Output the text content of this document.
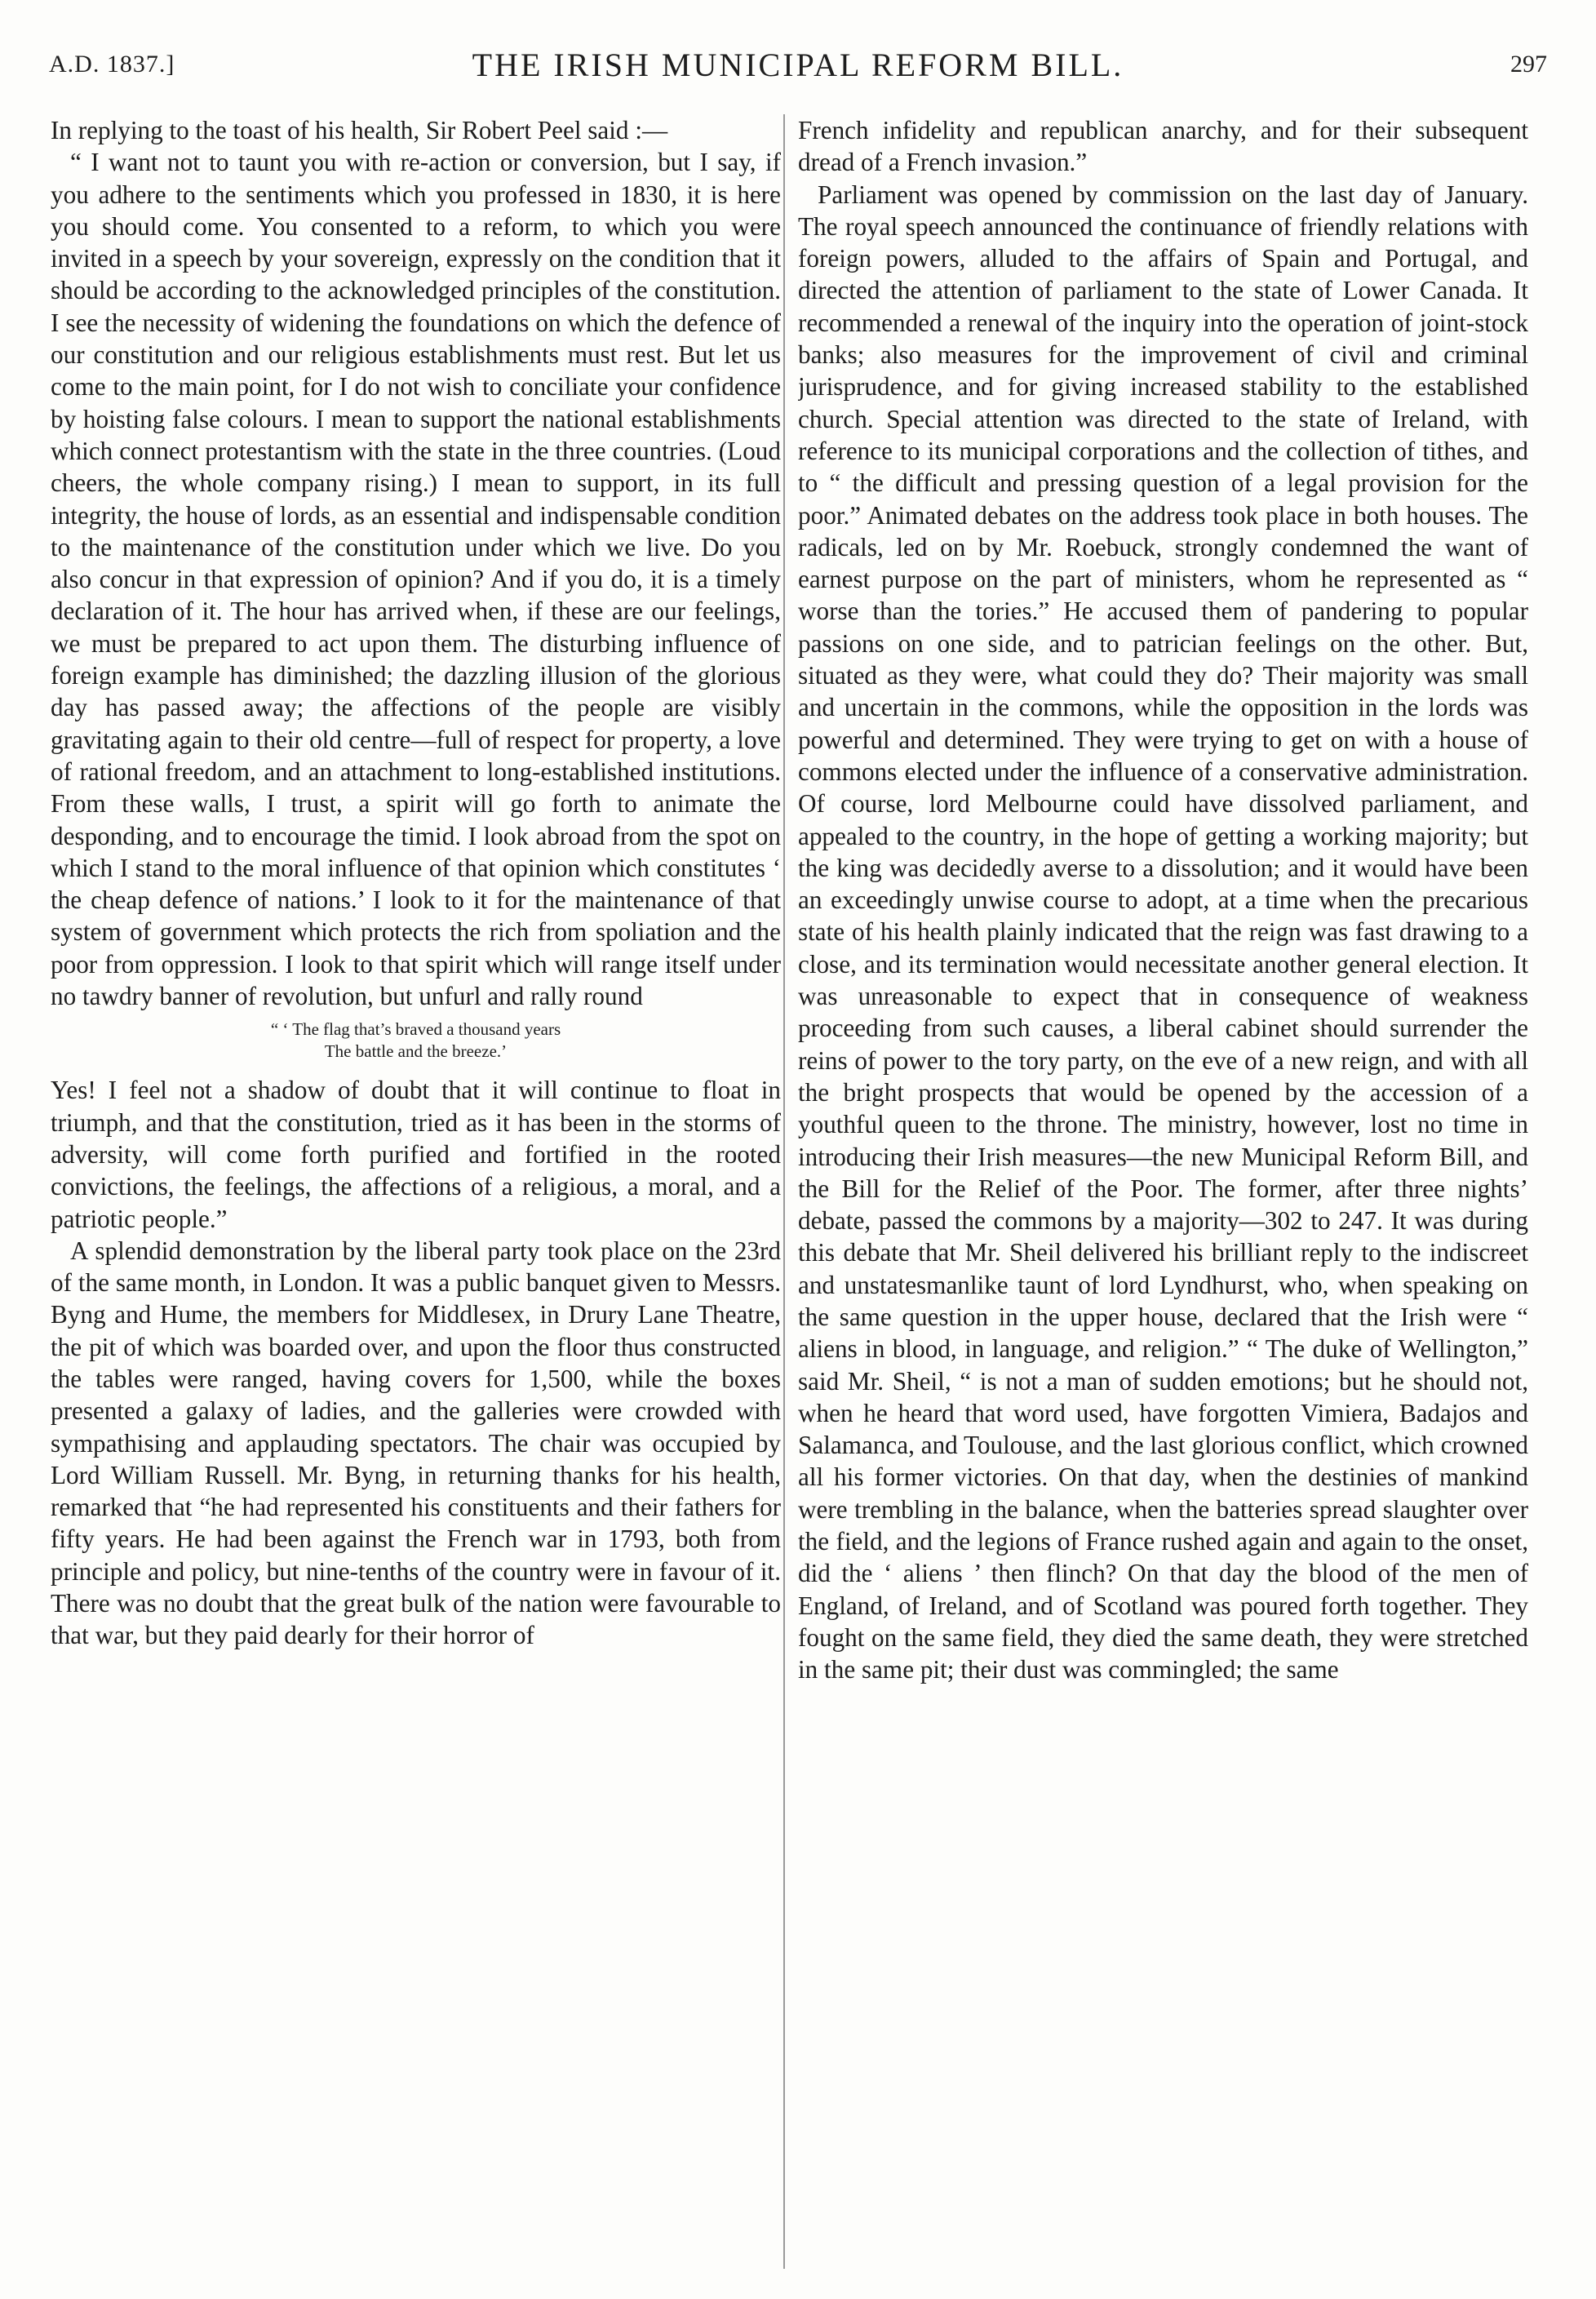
A.D. 1837.]	THE IRISH MUNICIPAL REFORM BILL.	297

In replying to the toast of his health, Sir Robert Peel said :—

“ I want not to taunt you with re-action or conversion, but I say, if you adhere to the sentiments which you professed in 1830, it is here you should come. You consented to a reform, to which you were invited in a speech by your sovereign, expressly on the condition that it should be according to the acknowledged principles of the constitution. I see the necessity of widening the foundations on which the defence of our constitution and our religious establishments must rest. But let us come to the main point, for I do not wish to conciliate your confidence by hoisting false colours. I mean to support the national establishments which connect protestantism with the state in the three countries. (Loud cheers, the whole company rising.) I mean to support, in its full integrity, the house of lords, as an essential and indispensable condition to the maintenance of the constitution under which we live. Do you also concur in that expression of opinion? And if you do, it is a timely declaration of it. The hour has arrived when, if these are our feelings, we must be prepared to act upon them. The disturbing influence of foreign example has diminished; the dazzling illusion of the glorious day has passed away; the affections of the people are visibly gravitating again to their old centre—full of respect for property, a love of rational freedom, and an attachment to long-established institutions. From these walls, I trust, a spirit will go forth to animate the desponding, and to encourage the timid. I look abroad from the spot on which I stand to the moral influence of that opinion which constitutes ‘ the cheap defence of nations.’ I look to it for the maintenance of that system of government which protects the rich from spoliation and the poor from oppression. I look to that spirit which will range itself under no tawdry banner of revolution, but unfurl and rally round

“ ‘ The flag that’s braved a thousand years
The battle and the breeze.’

Yes! I feel not a shadow of doubt that it will continue to float in triumph, and that the constitution, tried as it has been in the storms of adversity, will come forth purified and fortified in the rooted convictions, the feelings, the affections of a religious, a moral, and a patriotic people.”

A splendid demonstration by the liberal party took place on the 23rd of the same month, in London. It was a public banquet given to Messrs. Byng and Hume, the members for Middlesex, in Drury Lane Theatre, the pit of which was boarded over, and upon the floor thus constructed the tables were ranged, having covers for 1,500, while the boxes presented a galaxy of ladies, and the galleries were crowded with sympathising and applauding spectators. The chair was occupied by Lord William Russell. Mr. Byng, in returning thanks for his health, remarked that “he had represented his constituents and their fathers for fifty years. He had been against the French war in 1793, both from principle and policy, but nine-tenths of the country were in favour of it. There was no doubt that the great bulk of the nation were favourable to that war, but they paid dearly for their horror of

French infidelity and republican anarchy, and for their subsequent dread of a French invasion.”

Parliament was opened by commission on the last day of January. The royal speech announced the continuance of friendly relations with foreign powers, alluded to the affairs of Spain and Portugal, and directed the attention of parliament to the state of Lower Canada. It recommended a renewal of the inquiry into the operation of joint-stock banks; also measures for the improvement of civil and criminal jurisprudence, and for giving increased stability to the established church. Special attention was directed to the state of Ireland, with reference to its municipal corporations and the collection of tithes, and to “ the difficult and pressing question of a legal provision for the poor.” Animated debates on the address took place in both houses. The radicals, led on by Mr. Roebuck, strongly condemned the want of earnest purpose on the part of ministers, whom he represented as “ worse than the tories.” He accused them of pandering to popular passions on one side, and to patrician feelings on the other. But, situated as they were, what could they do? Their majority was small and uncertain in the commons, while the opposition in the lords was powerful and determined. They were trying to get on with a house of commons elected under the influence of a conservative administration. Of course, lord Melbourne could have dissolved parliament, and appealed to the country, in the hope of getting a working majority; but the king was decidedly averse to a dissolution; and it would have been an exceedingly unwise course to adopt, at a time when the precarious state of his health plainly indicated that the reign was fast drawing to a close, and its termination would necessitate another general election. It was unreasonable to expect that in consequence of weakness proceeding from such causes, a liberal cabinet should surrender the reins of power to the tory party, on the eve of a new reign, and with all the bright prospects that would be opened by the accession of a youthful queen to the throne. The ministry, however, lost no time in introducing their Irish measures—the new Municipal Reform Bill, and the Bill for the Relief of the Poor. The former, after three nights’ debate, passed the commons by a majority—302 to 247. It was during this debate that Mr. Sheil delivered his brilliant reply to the indiscreet and unstatesmanlike taunt of lord Lyndhurst, who, when speaking on the same question in the upper house, declared that the Irish were “ aliens in blood, in language, and religion.” “ The duke of Wellington,” said Mr. Sheil, “ is not a man of sudden emotions; but he should not, when he heard that word used, have forgotten Vimiera, Badajos and Salamanca, and Toulouse, and the last glorious conflict, which crowned all his former victories. On that day, when the destinies of mankind were trembling in the balance, when the batteries spread slaughter over the field, and the legions of France rushed again and again to the onset, did the ‘ aliens ’ then flinch? On that day the blood of the men of England, of Ireland, and of Scotland was poured forth together. They fought on the same field, they died the same death, they were stretched in the same pit; their dust was commingled; the same
